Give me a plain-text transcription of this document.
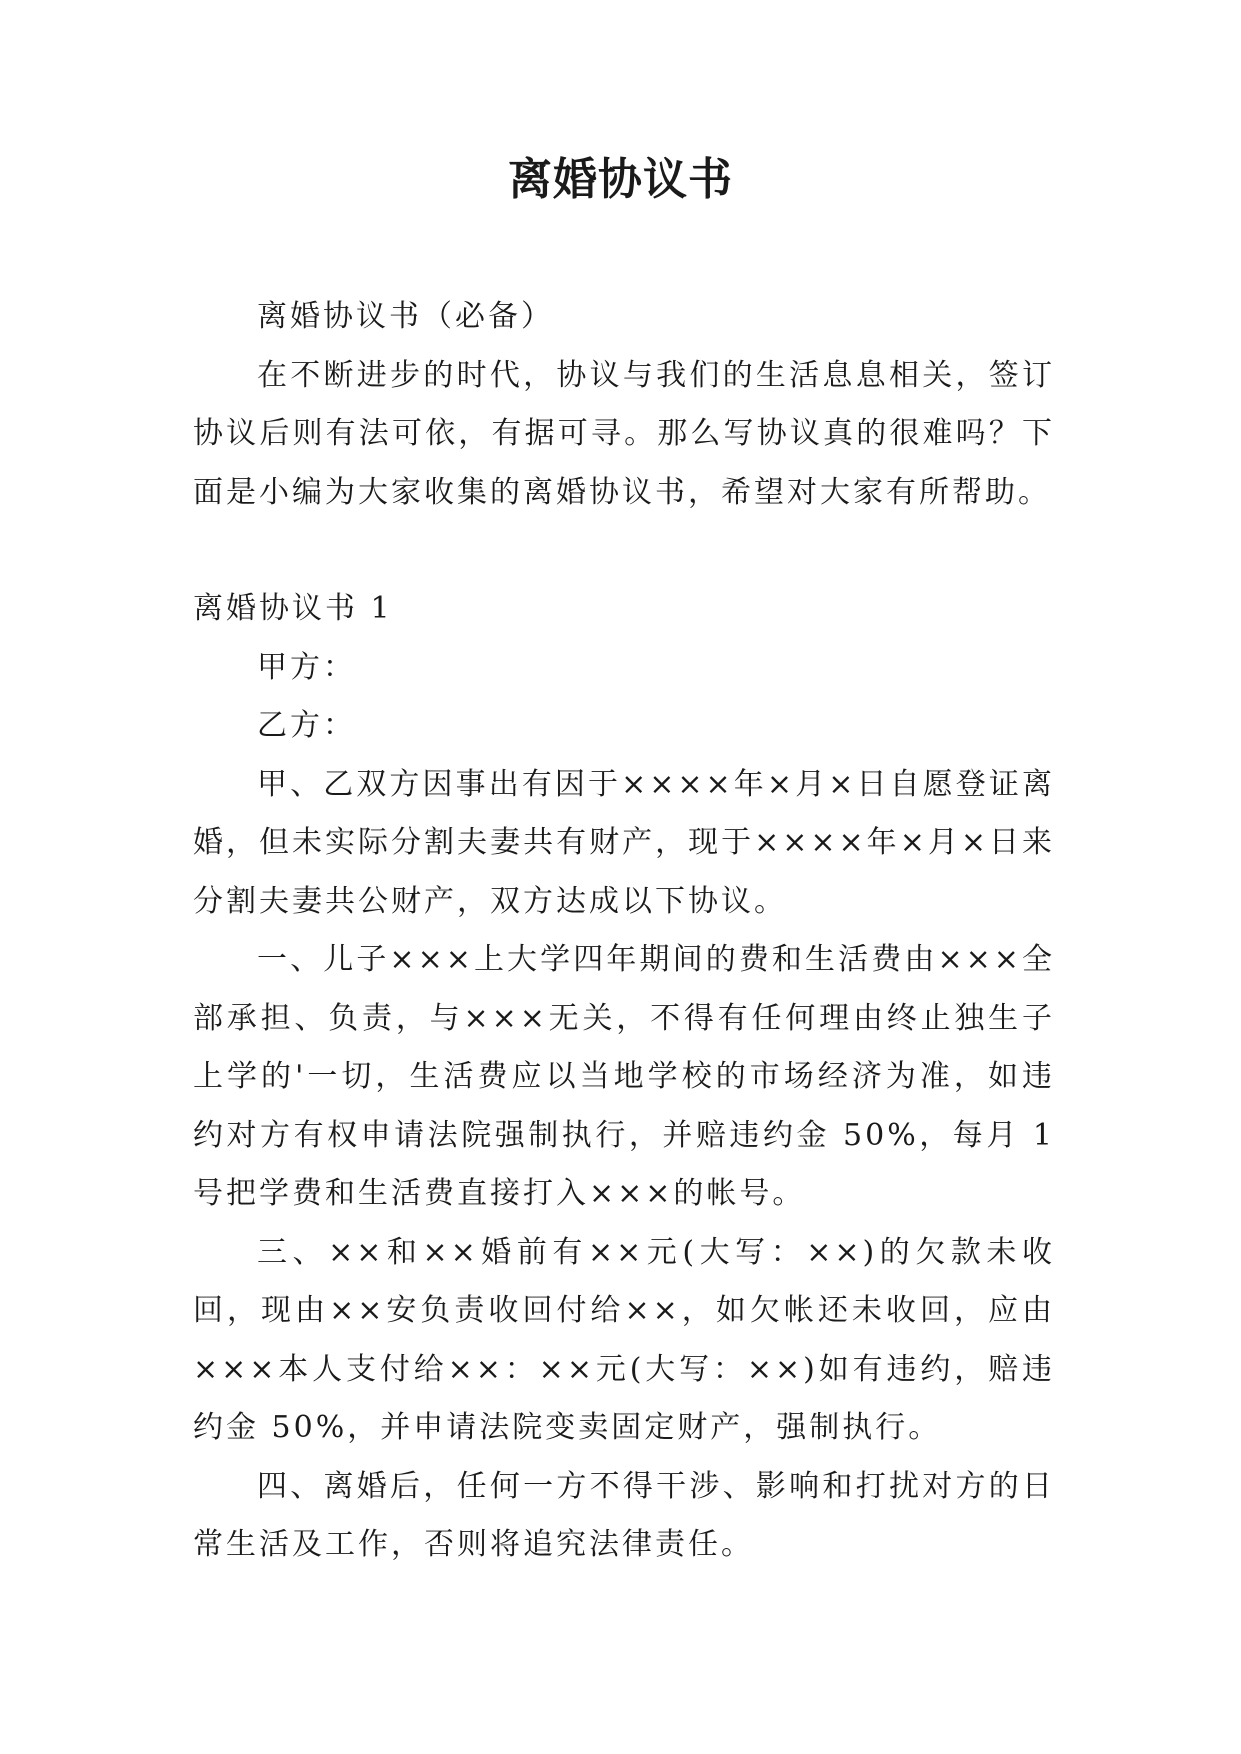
离婚协议书

离婚协议书（必备）

在不断进步的时代，协议与我们的生活息息相关，签订协议后则有法可依，有据可寻。那么写协议真的很难吗？下面是小编为大家收集的离婚协议书，希望对大家有所帮助。

离婚协议书 1

甲方：

乙方：

甲、乙双方因事出有因于××××年×月×日自愿登证离婚，但未实际分割夫妻共有财产，现于××××年×月×日来分割夫妻共公财产，双方达成以下协议。

一、儿子×××上大学四年期间的费和生活费由×××全部承担、负责，与×××无关，不得有任何理由终止独生子上学的'一切，生活费应以当地学校的市场经济为准，如违约对方有权申请法院强制执行，并赔违约金 50%，每月 1 号把学费和生活费直接打入×××的帐号。

三、××和××婚前有××元(大写：××)的欠款未收回，现由××安负责收回付给××，如欠帐还未收回，应由×××本人支付给××：××元(大写：××)如有违约，赔违约金 50%，并申请法院变卖固定财产，强制执行。

四、离婚后，任何一方不得干涉、影响和打扰对方的日常生活及工作，否则将追究法律责任。
